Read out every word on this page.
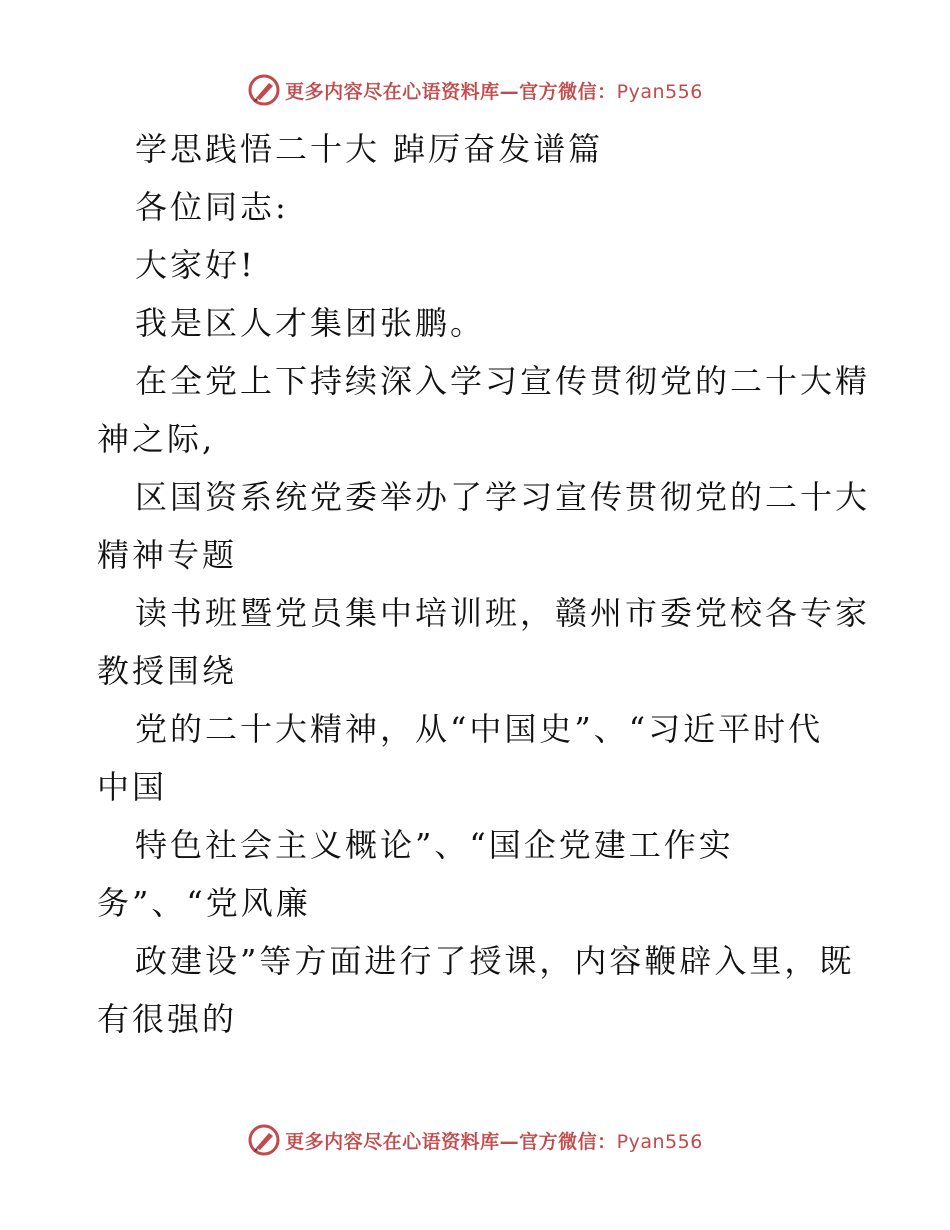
更多内容尽在心语资料库—官方微信：Pyan556
学思践悟二十大 踔厉奋发谱篇
各位同志:
大家好!
我是区人才集团张鹏。
在全党上下持续深入学习宣传贯彻党的二十大精
神之际,
区国资系统党委举办了学习宣传贯彻党的二十大
精神专题
读书班暨党员集中培训班，赣州市委党校各专家
教授围绕
党的二十大精神，从“中国史”、“习近平时代
中国
特色社会主义概论”、“国企党建工作实
务”、“党风廉
政建设”等方面进行了授课，内容鞭辟入里，既
有很强的
更多内容尽在心语资料库—官方微信：Pyan556
